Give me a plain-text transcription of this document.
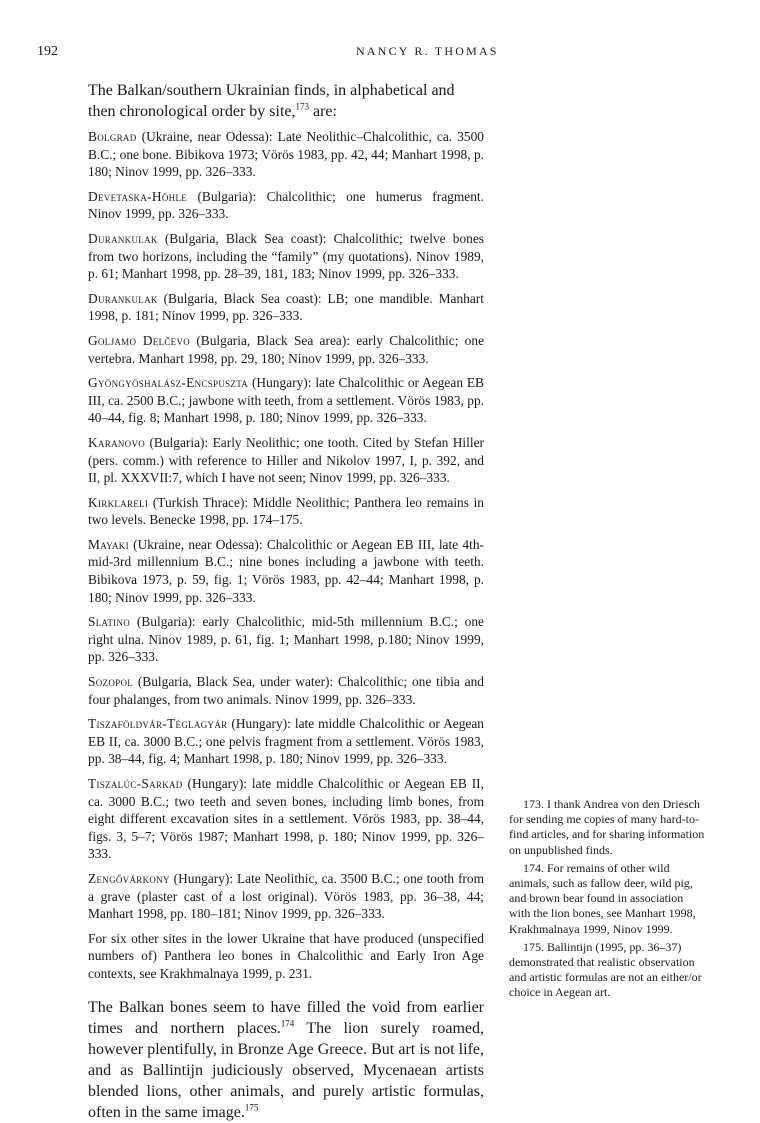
192	NANCY R. THOMAS

The Balkan/southern Ukrainian finds, in alphabetical and then chronological order by site,$^{173}$ are:

Bolgrad (Ukraine, near Odessa): Late Neolithic–Chalcolithic, ca. 3500 B.C.; one bone. Bibikova 1973; Vörös 1983, pp. 42, 44; Manhart 1998, p. 180; Ninov 1999, pp. 326–333.

Devetaska-Höhle (Bulgaria): Chalcolithic; one humerus fragment. Ninov 1999, pp. 326–333.

Durankulak (Bulgaria, Black Sea coast): Chalcolithic; twelve bones from two horizons, including the “family” (my quotations). Ninov 1989, p. 61; Manhart 1998, pp. 28–39, 181, 183; Ninov 1999, pp. 326–333.

Durankulak (Bulgaria, Black Sea coast): LB; one mandible. Manhart 1998, p. 181; Ninov 1999, pp. 326–333.

Goljamo Delčevo (Bulgaria, Black Sea area): early Chalcolithic; one vertebra. Manhart 1998, pp. 29, 180; Ninov 1999, pp. 326–333.

Gyöngyöshalász-Encspuszta (Hungary): late Chalcolithic or Aegean EB III, ca. 2500 B.C.; jawbone with teeth, from a settlement. Vörös 1983, pp. 40–44, fig. 8; Manhart 1998, p. 180; Ninov 1999, pp. 326–333.

Karanovo (Bulgaria): Early Neolithic; one tooth. Cited by Stefan Hiller (pers. comm.) with reference to Hiller and Nikolov 1997, I, p. 392, and II, pl. XXXVII:7, which I have not seen; Ninov 1999, pp. 326–333.

Kirklareli (Turkish Thrace): Middle Neolithic; Panthera leo remains in two levels. Benecke 1998, pp. 174–175.

Mayaki (Ukraine, near Odessa): Chalcolithic or Aegean EB III, late 4th-mid-3rd millennium B.C.; nine bones including a jawbone with teeth. Bibikova 1973, p. 59, fig. 1; Vörös 1983, pp. 42–44; Manhart 1998, p. 180; Ninov 1999, pp. 326–333.

Slatino (Bulgaria): early Chalcolithic, mid-5th millennium B.C.; one right ulna. Ninov 1989, p. 61, fig. 1; Manhart 1998, p.180; Ninov 1999, pp. 326–333.

Sozopol (Bulgaria, Black Sea, under water): Chalcolithic; one tibia and four phalanges, from two animals. Ninov 1999, pp. 326–333.

Tiszaföldvár-Téglagyár (Hungary): late middle Chalcolithic or Aegean EB II, ca. 3000 B.C.; one pelvis fragment from a settlement. Vörös 1983, pp. 38–44, fig. 4; Manhart 1998, p. 180; Ninov 1999, pp. 326–333.

Tiszalúc-Sarkad (Hungary): late middle Chalcolithic or Aegean EB II, ca. 3000 B.C.; two teeth and seven bones, including limb bones, from eight different excavation sites in a settlement. Vörös 1983, pp. 38–44, figs. 3, 5–7; Vörös 1987; Manhart 1998, p. 180; Ninov 1999, pp. 326–333.

Zengővárkony (Hungary): Late Neolithic, ca. 3500 B.C.; one tooth from a grave (plaster cast of a lost original). Vörös 1983, pp. 36–38, 44; Manhart 1998, pp. 180–181; Ninov 1999, pp. 326–333.

For six other sites in the lower Ukraine that have produced (unspecified numbers of) Panthera leo bones in Chalcolithic and Early Iron Age contexts, see Krakhmalnaya 1999, p. 231.

The Balkan bones seem to have filled the void from earlier times and northern places.$^{174}$ The lion surely roamed, however plentifully, in Bronze Age Greece. But art is not life, and as Ballintijn judiciously observed, Mycenaean artists blended lions, other animals, and purely artistic formulas, often in the same image.$^{175}$

173. I thank Andrea von den Driesch for sending me copies of many hard-to-find articles, and for sharing information on unpublished finds.

174. For remains of other wild animals, such as fallow deer, wild pig, and brown bear found in association with the lion bones, see Manhart 1998, Krakhmalnaya 1999, Ninov 1999.

175. Ballintijn (1995, pp. 36–37) demonstrated that realistic observation and artistic formulas are not an either/or choice in Aegean art.
